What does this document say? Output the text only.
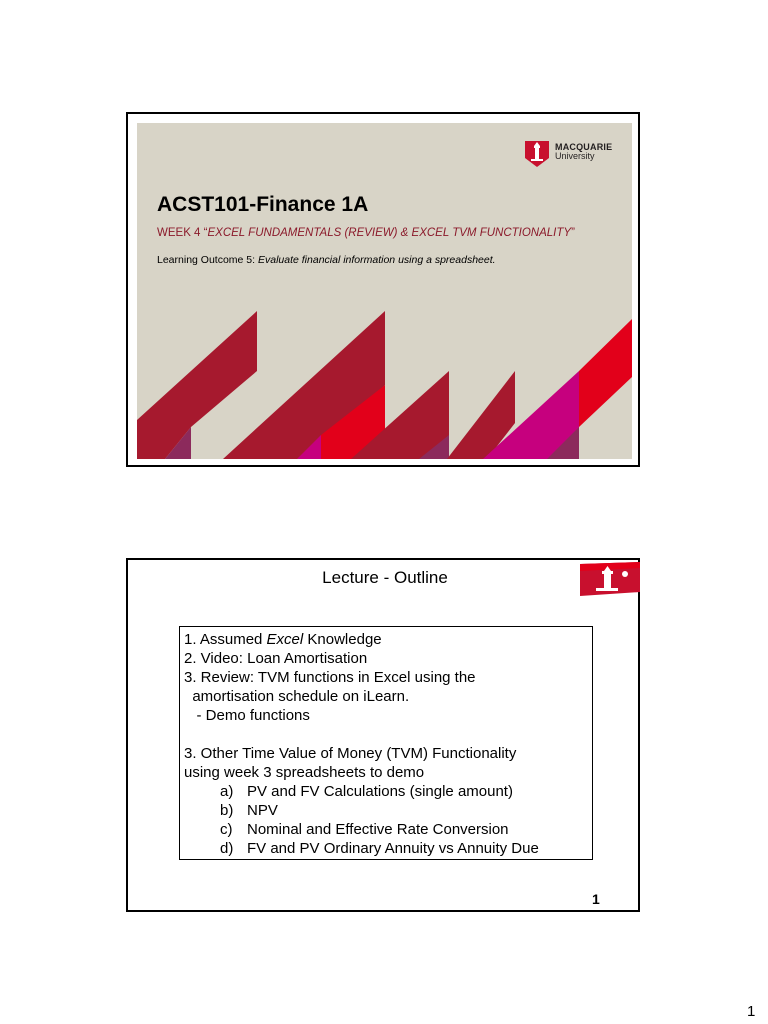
MACQUARIE
University
ACST101-Finance 1A
WEEK 4 “EXCEL FUNDAMENTALS (REVIEW) & EXCEL TVM FUNCTIONALITY”
Learning Outcome 5: Evaluate financial information using a spreadsheet.
Lecture - Outline
1. Assumed Excel Knowledge
2. Video: Loan Amortisation
3. Review: TVM functions in Excel using the
amortisation schedule on iLearn.
- Demo functions

3. Other Time Value of Money (TVM) Functionality
using week 3 spreadsheets to demo
a) PV and FV Calculations (single amount)
b) NPV
c) Nominal and Effective Rate Conversion
d) FV and PV Ordinary Annuity vs Annuity Due
1
1
